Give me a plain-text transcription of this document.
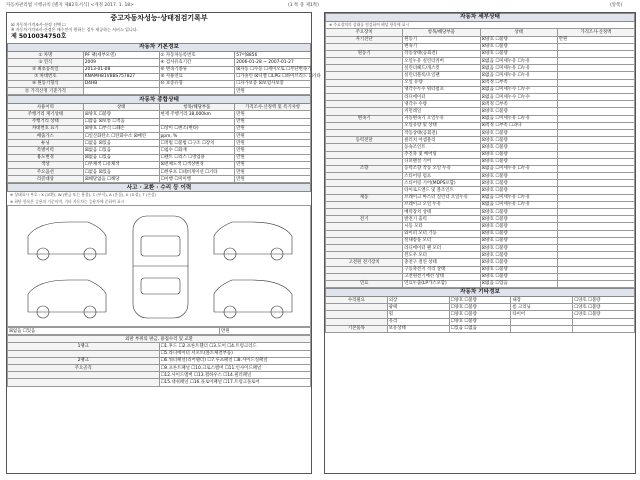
자동차관리법 시행규칙 [별지 제82호서식] <개정 2017. 1. 18>	(1 쪽 중 제1쪽)	(앞쪽)
중고자동차성능·상태점검기록부
☒ 자동차가격조사·산정 선택 ☐
※ 자동차가격조사·산정은 매수인이 원하는 경우 제공하는 서비스 입니다.
제 5010034750호
자동차 기본정보			
① 차명	PF 팩(세부모델)	② 자동차등록번호	57어8856
③ 연식	2009	④ 검사유효기간	2006-01-28 ~ 2007-01-27
⑤ 최초등록일	2013-01-08	⑥ 변속기종류	☒자동 ☐수동 ☐세미오토 ☐무단변속기
⑦ 차대번호	KNAMH81VBBS757827	⑧ 사용연료	☐가솔린 ☒디젤 ☐LPG ☐하이브리드 ☐기타
⑨ 원동기형식	D4HB	⑩ 보증유형	☐자가보증 ☒보험사보증
⑪ 가격산정 기준가격			만원
자동차 종합상태			
사용이력	상태	항목/해당부품	가격조사·산정액 및 특기사항
주행거리 계기상태	☒양호 ☐불량	현재 주행거리 38,000km	만원
주행거리 상태	☐많음 ☒보통 ☐적음		만원
차대번호 표기	☒양호 ☐부식 ☐훼손	☐상이 ☐변조(변타)	만원
배출가스	☐일산화탄소 ☐탄화수소 ☒매연	ppm, %	만원
튜닝	☐없음 ☒있음	☐적법 ☐불법 ☐구조 ☐장치	만원
특별이력	☒없음 ☐있음	☐침수 ☐화재	만원
용도변경	☒없음 ☐있음	☐렌트 ☐리스 ☐영업용	만원
색상	☐무채색 ☐유채색	☒전체도색 ☐색상변경	만원
주요옵션	☐없음 ☒있음	☐썬루프 ☐네비게이션 ☐기타	만원
리콜대상	☒해당없음 ☐해당	☐이행 ☐미이행	만원
사고 · 교환 · 수리 등 이력
※ 상태표시 부호 : X (교환), W (판금 또는 용접), C (부식), A (흠집), U (요철), T (손상)
※ 하단 항목은 승용차 기준이며, 기타 자동차는 승용차에 준하여 표시
☒없음 ☐있음	만원
외판 부위의 판금, 용접수리 및 교환	
1랭크	☐1.후드 ☐2.프론트휀더 ☐3.도어 ☐4.트렁크리드
	☐5.라디에이터 서포트(볼트체결부품)
2랭크	☐6.쿼터패널(리어휀더) ☐7.루프패널 ☐8.사이드실패널
주요골격	☐9.프론트패널 ☐10.크로스멤버 ☐11.인사이드패널
	☐12.사이드멤버 ☐13.휠하우스 ☐14.필러패널
	☐15.대쉬패널 ☐16.플로어패널 ☐17.트렁크플로어
자동차 세부상태			
※ 주요장치의 상태를 점검하여 해당 항목에 표시			
주요장치	항목/해당부품	상태	가격조사·산정액
자기진단	원동기	☒양호 ☐불량	만원
	변속기	☒양호 ☐불량	
원동기	작동상태(공회전)	☒양호 ☐불량	
	오일누유 실린더커버	☒없음 ☐미세누유 ☐누유	
	실린더헤드/개스킷	☒없음 ☐미세누유 ☐누유	
	실린더블록/오일팬	☒없음 ☐미세누유 ☐누유	
	오일 유량	☒적정 ☐부족	
	냉각수누수 워터펌프	☒없음 ☐미세누수 ☐누수	
	라디에이터	☒없음 ☐미세누수 ☐누수	
	냉각수 수량	☒적정 ☐부족	
	커먼레일	☒양호 ☐불량	
변속기	자동변속기 오일누유	☒없음 ☐미세누유 ☐누유	
	오일유량 및 상태	☒적정 ☐부족 ☐과다	
	작동상태(공회전)	☒양호 ☐불량	
동력전달	클러치 어셈블리	☒양호 ☐불량	
	등속조인트	☒양호 ☐불량	
	추진축 및 베어링	☒양호 ☐불량	
	디퍼렌셜 기어	☒양호 ☐불량	
조향	동력조향 작동 오일 누유	☒없음 ☐미세누유 ☐누유	
	스티어링 펌프	☒양호 ☐불량	
	스티어링 기어(MDPS포함)	☒양호 ☐불량	
	타이로드엔드 및 볼조인트	☒양호 ☐불량	
제동	브레이크 마스터 실린더 오일누유	☒없음 ☐미세누유 ☐누유	
	브레이크 오일 누유	☒없음 ☐미세누유 ☐누유	
	배력장치 상태	☒양호 ☐불량	
전기	발전기 출력	☒양호 ☐불량	
	시동 모터	☒양호 ☐불량	
	와이퍼 모터 기능	☒양호 ☐불량	
	실내송풍 모터	☒양호 ☐불량	
	라디에이터 팬 모터	☒양호 ☐불량	
	윈도우 모터	☒양호 ☐불량	
고전원 전기장치	충전구 절연 상태	☒양호 ☐불량	
	구동축전지 격리 상태	☒양호 ☐불량	
	고전원전기배선 상태	☒양호 ☐불량	
연료	연료누출(LP가스포함)	☒없음 ☐있음	
자동차 기타정보				
수리필요	외장	☐양호 ☐불량	내장	☐양호 ☐불량
	광택	☐양호 ☐불량	룸 크리닝	☐양호 ☐불량
	휠	☐양호 ☐불량	타이어	☐양호 ☐불량
	유리	☐양호 ☐불량		
기본품목	보유상태	☐있음 ☐없음		
